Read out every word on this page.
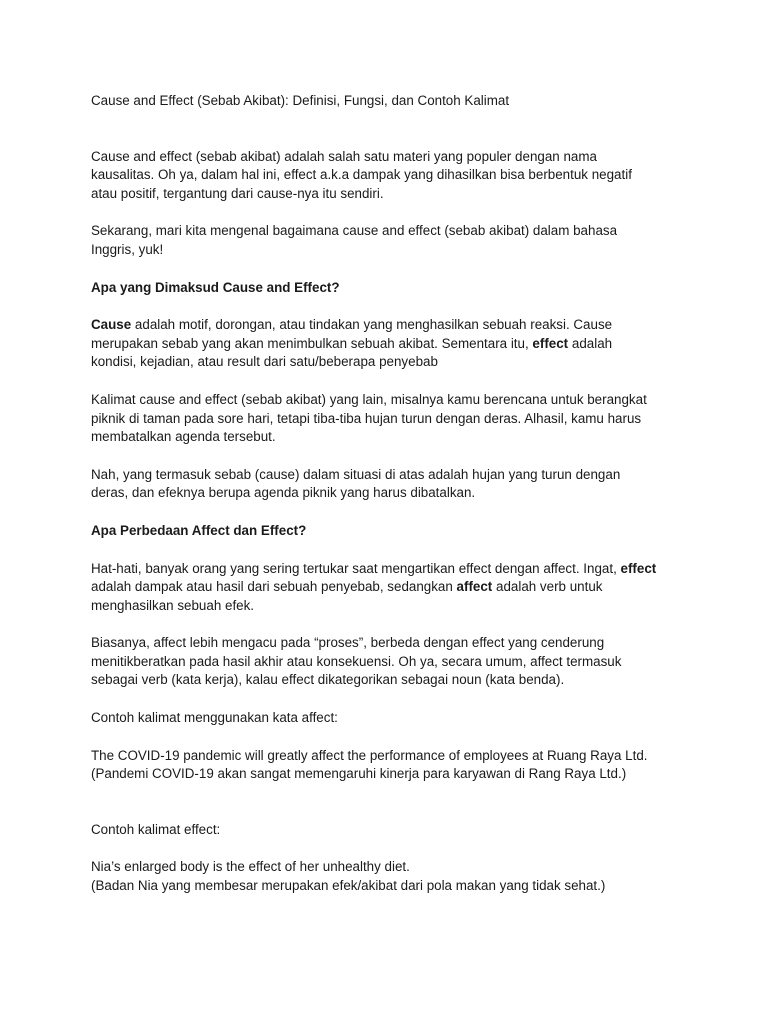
Cause and Effect (Sebab Akibat): Definisi, Fungsi, dan Contoh Kalimat

Cause and effect (sebab akibat) adalah salah satu materi yang populer dengan nama
kausalitas. Oh ya, dalam hal ini, effect a.k.a dampak yang dihasilkan bisa berbentuk negatif
atau positif, tergantung dari cause-nya itu sendiri.

Sekarang, mari kita mengenal bagaimana cause and effect (sebab akibat) dalam bahasa
Inggris, yuk!

Apa yang Dimaksud Cause and Effect?

Cause adalah motif, dorongan, atau tindakan yang menghasilkan sebuah reaksi. Cause
merupakan sebab yang akan menimbulkan sebuah akibat. Sementara itu, effect adalah
kondisi, kejadian, atau result dari satu/beberapa penyebab

Kalimat cause and effect (sebab akibat) yang lain, misalnya kamu berencana untuk berangkat
piknik di taman pada sore hari, tetapi tiba-tiba hujan turun dengan deras. Alhasil, kamu harus
membatalkan agenda tersebut.

Nah, yang termasuk sebab (cause) dalam situasi di atas adalah hujan yang turun dengan
deras, dan efeknya berupa agenda piknik yang harus dibatalkan.

Apa Perbedaan Affect dan Effect?

Hat-hati, banyak orang yang sering tertukar saat mengartikan effect dengan affect. Ingat, effect
adalah dampak atau hasil dari sebuah penyebab, sedangkan affect adalah verb untuk
menghasilkan sebuah efek.

Biasanya, affect lebih mengacu pada “proses”, berbeda dengan effect yang cenderung
menitikberatkan pada hasil akhir atau konsekuensi. Oh ya, secara umum, affect termasuk
sebagai verb (kata kerja), kalau effect dikategorikan sebagai noun (kata benda).

Contoh kalimat menggunakan kata affect:

The COVID-19 pandemic will greatly affect the performance of employees at Ruang Raya Ltd.
(Pandemi COVID-19 akan sangat memengaruhi kinerja para karyawan di Rang Raya Ltd.)

Contoh kalimat effect:

Nia’s enlarged body is the effect of her unhealthy diet.
(Badan Nia yang membesar merupakan efek/akibat dari pola makan yang tidak sehat.)
